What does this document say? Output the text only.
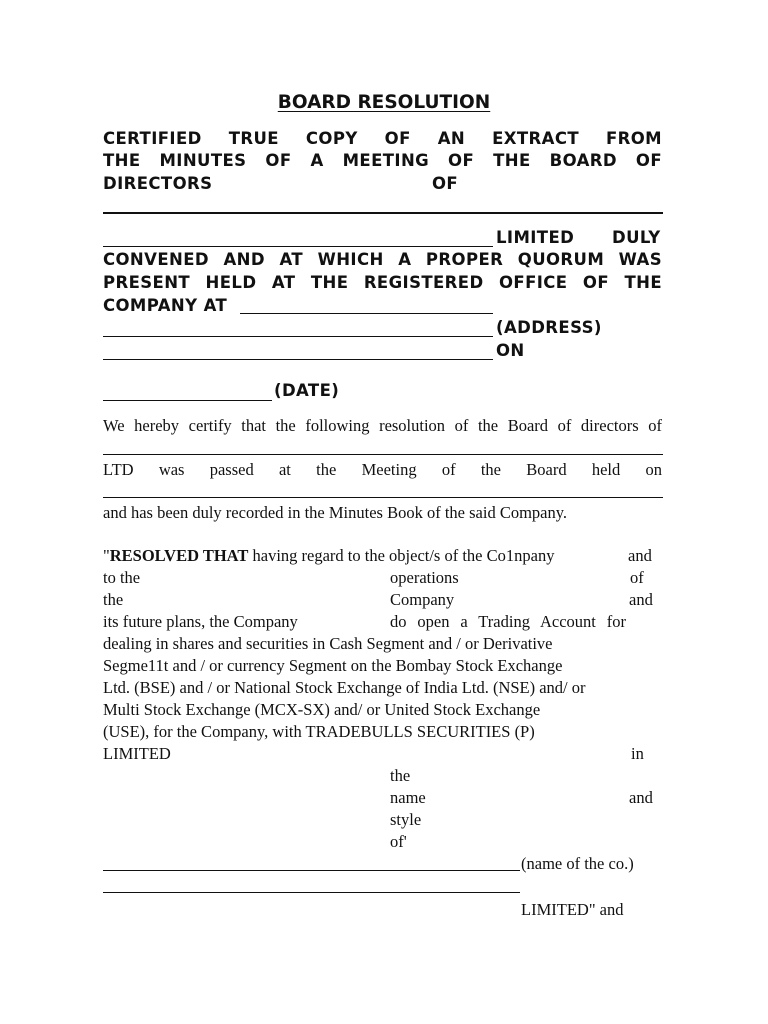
BOARD RESOLUTION
CERTIFIED TRUE COPY OF AN EXTRACT FROM
THE MINUTES OF A MEETING OF THE BOARD OF
DIRECTORS	OF
LIMITED DULY
CONVENED AND AT WHICH A PROPER QUORUM WAS
PRESENT HELD AT THE REGISTERED OFFICE OF THE
COMPANY AT
(ADDRESS)
ON
(DATE)
We hereby certify that the following resolution of the Board of directors of
LTD was passed at the Meeting of the Board held on
and has been duly recorded in the Minutes Book of the said Company.
"RESOLVED THAT having regard to the object/s of the Co1npany	and
to the	operations	of
the	Company	and
its future plans, the Company	do open a Trading Account for
dealing in shares and securities in Cash Segment and / or Derivative
Segme11t and / or currency Segment on the Bombay Stock Exchange
Ltd. (BSE) and / or National Stock Exchange of India Ltd. (NSE) and/ or
Multi Stock Exchange (MCX-SX) and/ or United Stock Exchange
(USE), for the Company, with TRADEBULLS SECURITIES (P)
LIMITED	in
the
name	and
style
of'
(name of the co.)
LIMITED" and
